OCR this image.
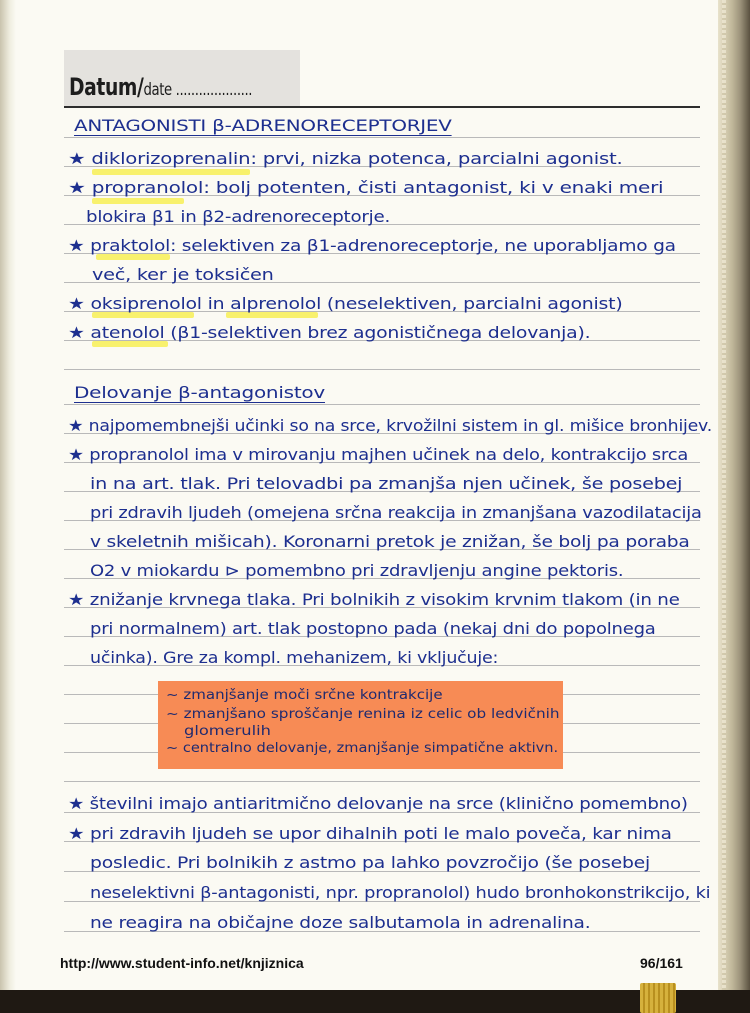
Datum/date ....................
ANTAGONISTI β-ADRENORECEPTORJEV
★ diklorizoprenalin: prvi, nizka potenca, parcialni agonist.
★ propranolol: bolj potenten, čisti antagonist, ki v enaki meri
blokira β1 in β2-adrenoreceptorje.
★ praktolol: selektiven za β1-adrenoreceptorje, ne uporabljamo ga
več, ker je toksičen
★ oksiprenolol in alprenolol (neselektiven, parcialni agonist)
★ atenolol (β1-selektiven brez agonističnega delovanja).
Delovanje β-antagonistov
★ najpomembnejši učinki so na srce, krvožilni sistem in gl. mišice bronhijev.
★ propranolol ima v mirovanju majhen učinek na delo, kontrakcijo srca
in na art. tlak. Pri telovadbi pa zmanjša njen učinek, še posebej
pri zdravih ljudeh (omejena srčna reakcija in zmanjšana vazodilatacija
v skeletnih mišicah). Koronarni pretok je znižan, še bolj pa poraba
O2 v miokardu ⊳ pomembno pri zdravljenju angine pektoris.
★ znižanje krvnega tlaka. Pri bolnikih z visokim krvnim tlakom (in ne
pri normalnem) art. tlak postopno pada (nekaj dni do popolnega
učinka). Gre za kompl. mehanizem, ki vključuje:
~ zmanjšanje moči srčne kontrakcije
~ zmanjšano sproščanje renina iz celic ob ledvičnih
glomerulih
~ centralno delovanje, zmanjšanje simpatične aktivn.
★ številni imajo antiaritmično delovanje na srce (klinično pomembno)
★ pri zdravih ljudeh se upor dihalnih poti le malo poveča, kar nima
posledic. Pri bolnikih z astmo pa lahko povzročijo (še posebej
neselektivni β-antagonisti, npr. propranolol) hudo bronhokonstrikcijo, ki
ne reagira na običajne doze salbutamola in adrenalina.
http://www.student-info.net/knjiznica	96/161
